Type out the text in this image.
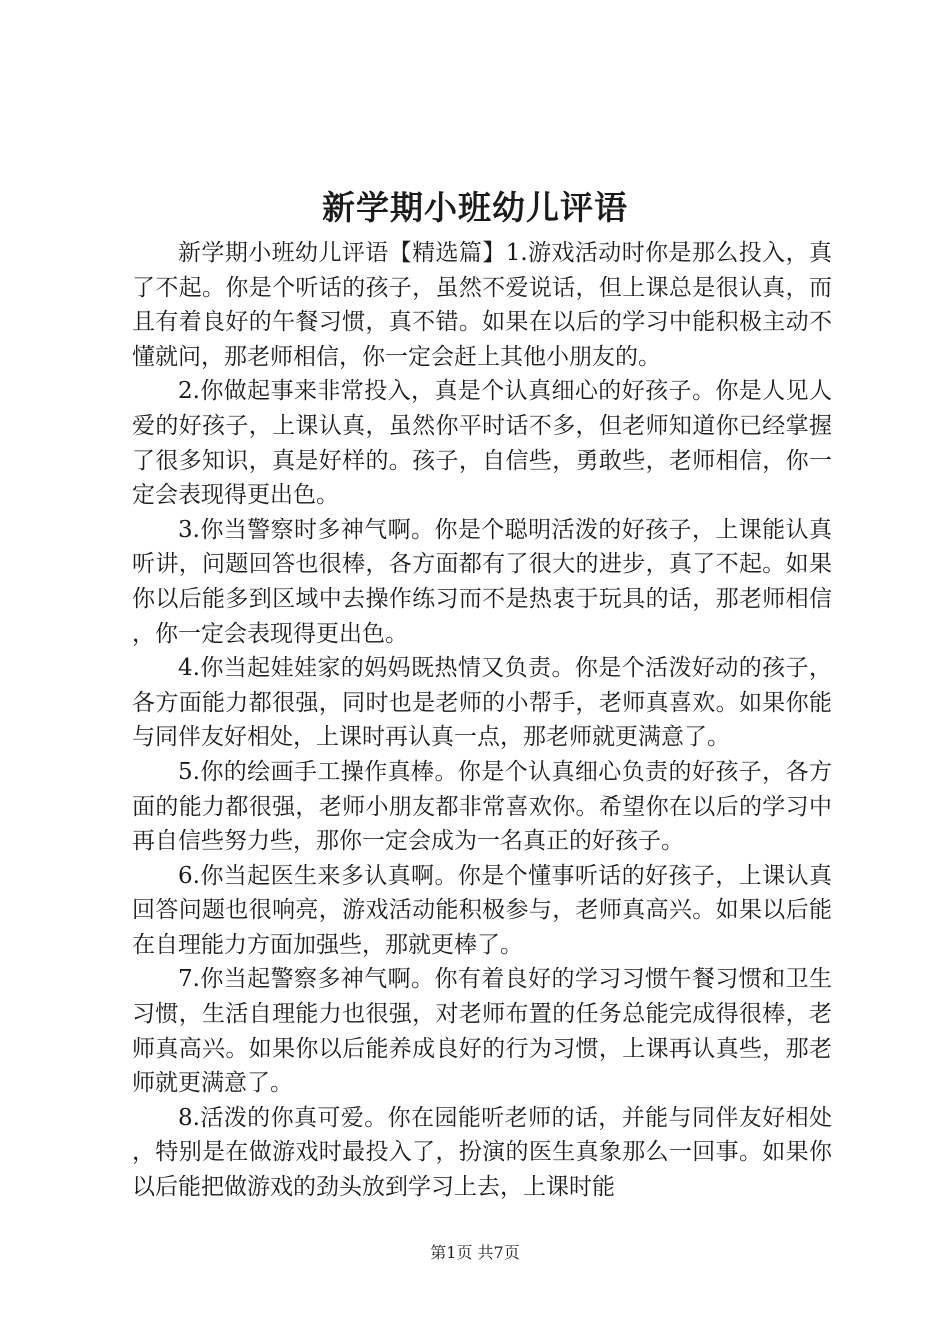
新学期小班幼儿评语

新学期小班幼儿评语【精选篇】1.游戏活动时你是那么投入，真了不起。你是个听话的孩子，虽然不爱说话，但上课总是很认真，而且有着良好的午餐习惯，真不错。如果在以后的学习中能积极主动不懂就问，那老师相信，你一定会赶上其他小朋友的。

2.你做起事来非常投入，真是个认真细心的好孩子。你是人见人爱的好孩子，上课认真，虽然你平时话不多，但老师知道你已经掌握了很多知识，真是好样的。孩子，自信些，勇敢些，老师相信，你一定会表现得更出色。

3.你当警察时多神气啊。你是个聪明活泼的好孩子，上课能认真听讲，问题回答也很棒，各方面都有了很大的进步，真了不起。如果你以后能多到区域中去操作练习而不是热衷于玩具的话，那老师相信，你一定会表现得更出色。

4.你当起娃娃家的妈妈既热情又负责。你是个活泼好动的孩子，各方面能力都很强，同时也是老师的小帮手，老师真喜欢。如果你能与同伴友好相处，上课时再认真一点，那老师就更满意了。

5.你的绘画手工操作真棒。你是个认真细心负责的好孩子，各方面的能力都很强，老师小朋友都非常喜欢你。希望你在以后的学习中再自信些努力些，那你一定会成为一名真正的好孩子。

6.你当起医生来多认真啊。你是个懂事听话的好孩子，上课认真回答问题也很响亮，游戏活动能积极参与，老师真高兴。如果以后能在自理能力方面加强些，那就更棒了。

7.你当起警察多神气啊。你有着良好的学习习惯午餐习惯和卫生习惯，生活自理能力也很强，对老师布置的任务总能完成得很棒，老师真高兴。如果你以后能养成良好的行为习惯，上课再认真些，那老师就更满意了。

8.活泼的你真可爱。你在园能听老师的话，并能与同伴友好相处，特别是在做游戏时最投入了，扮演的医生真象那么一回事。如果你以后能把做游戏的劲头放到学习上去，上课时能

第1页 共7页
